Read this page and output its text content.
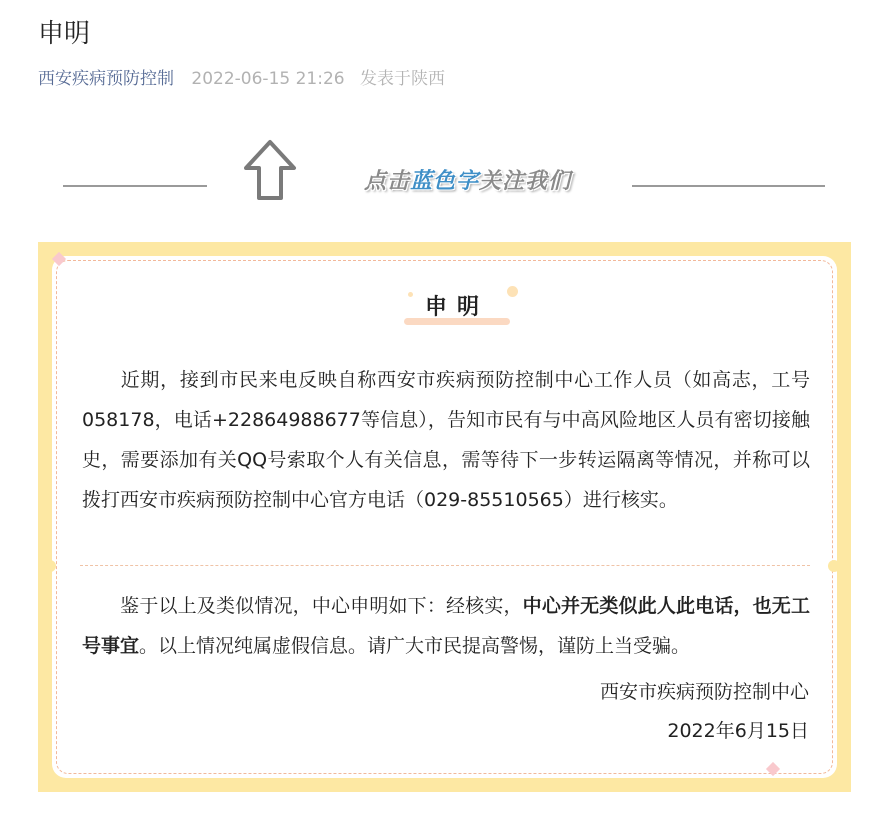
申明
西安疾病预防控制 2022-06-15 21:26 发表于陕西
点击蓝色字关注我们
申明
近期，接到市民来电反映自称西安市疾病预防控制中心工作人员（如高志，工号058178，电话+22864988677等信息），告知市民有与中高风险地区人员有密切接触史，需要添加有关QQ号索取个人有关信息，需等待下一步转运隔离等情况，并称可以拨打西安市疾病预防控制中心官方电话（029-85510565）进行核实。
鉴于以上及类似情况，中心申明如下：经核实，中心并无类似此人此电话，也无工号事宜。以上情况纯属虚假信息。请广大市民提高警惕，谨防上当受骗。
西安市疾病预防控制中心
2022年6月15日
